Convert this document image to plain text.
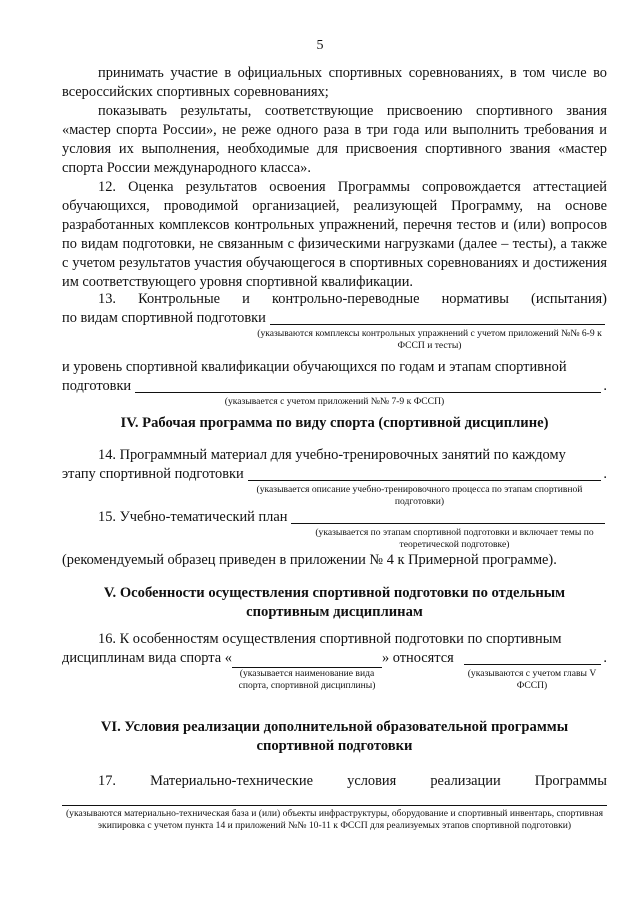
5
принимать участие в официальных спортивных соревнованиях, в том числе во всероссийских спортивных соревнованиях;
показывать результаты, соответствующие присвоению спортивного звания «мастер спорта России», не реже одного раза в три года или выполнить требования и условия их выполнения, необходимые для присвоения спортивного звания «мастер спорта России международного класса».
12. Оценка результатов освоения Программы сопровождается аттестацией обучающихся, проводимой организацией, реализующей Программу, на основе разработанных комплексов контрольных упражнений, перечня тестов и (или) вопросов по видам подготовки, не связанным с физическими нагрузками (далее – тесты), а также с учетом результатов участия обучающегося в спортивных соревнованиях и достижения им соответствующего уровня спортивной квалификации.
13. Контрольные и контрольно-переводные нормативы (испытания)
по видам спортивной подготовки
(указываются комплексы контрольных упражнений с учетом приложений №№ 6-9 к ФССП и тесты)
и уровень спортивной квалификации обучающихся по годам и этапам спортивной
подготовки	.
(указывается с учетом приложений №№ 7-9 к ФССП)
IV. Рабочая программа по виду спорта (спортивной дисциплине)
14. Программный материал для учебно-тренировочных занятий по каждому
этапу спортивной подготовки	.
(указывается описание учебно-тренировочного процесса по этапам спортивной подготовки)
15. Учебно-тематический план
(указывается по этапам спортивной подготовки и включает темы по теоретической подготовке)
(рекомендуемый образец приведен в приложении № 4 к Примерной программе).
V. Особенности осуществления спортивной подготовки по отдельным спортивным дисциплинам
16. К особенностям осуществления спортивной подготовки по спортивным
дисциплинам вида спорта «	» относятся	.
(указывается наименование вида спорта, спортивной дисциплины)
(указываются с учетом главы V ФССП)
VI. Условия реализации дополнительной образовательной программы спортивной подготовки
17. Материально-технические условия реализации Программы
(указываются материально-техническая база и (или) объекты инфраструктуры, оборудование и спортивный инвентарь, спортивная экипировка с учетом пункта 14 и приложений №№ 10-11 к ФССП для реализуемых этапов спортивной подготовки)
